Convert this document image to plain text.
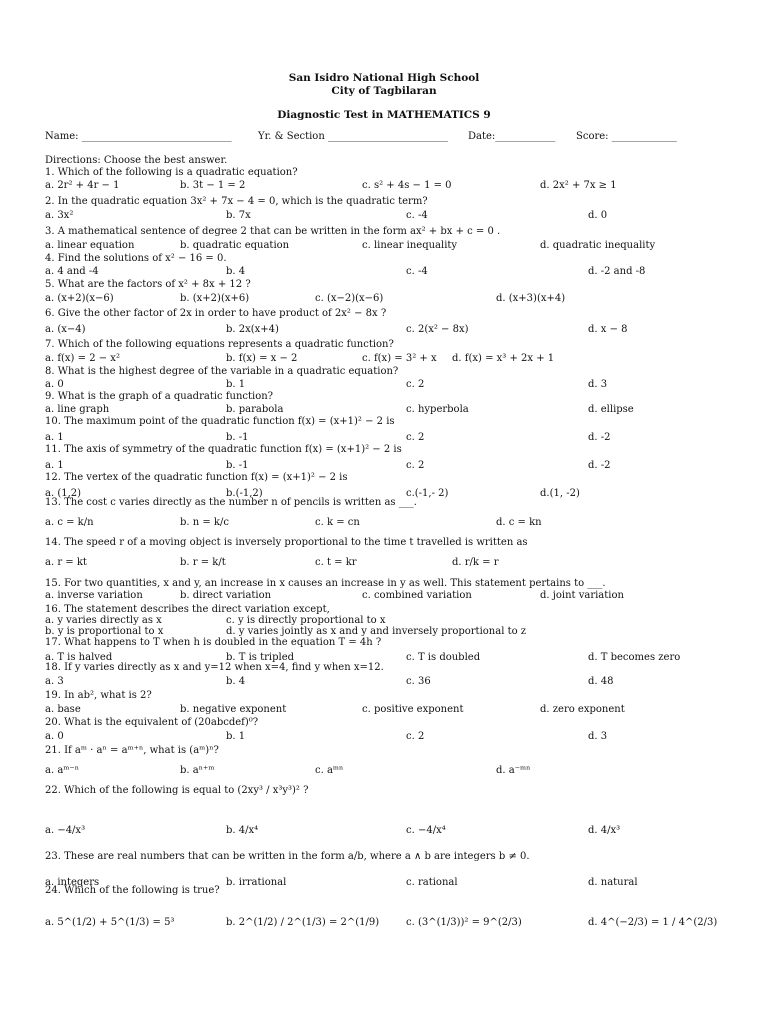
San Isidro National High School
City of Tagbilaran
Diagnostic Test in MATHEMATICS 9
Name: ______________________________	Yr. & Section ________________________ Date:____________ Score: _____________
Directions: Choose the best answer.
1. Which of the following is a quadratic equation?
a. 2r² + 4r − 1	b. 3t − 1 = 2	c. s² + 4s − 1 = 0	d. 2x² + 7x ≥ 1
2. In the quadratic equation 3x² + 7x − 4 = 0, which is the quadratic term?
a. 3x²	b. 7x	c. -4	d. 0
3. A mathematical sentence of degree 2 that can be written in the form ax² + bx + c = 0 .
a. linear equation	b. quadratic equation	c. linear inequality	d. quadratic inequality
4. Find the solutions of x² − 16 = 0.
a. 4 and -4	b. 4	c. -4	d. -2 and -8
5. What are the factors of x² + 8x + 12 ?
a. (x+2)(x−6)	b. (x+2)(x+6)	c. (x−2)(x−6)	d. (x+3)(x+4)
6. Give the other factor of 2x in order to have product of 2x² − 8x ?
a. (x−4)	b. 2x(x+4)	c. 2(x² − 8x)	d. x − 8
7. Which of the following equations represents a quadratic function?
a. f(x) = 2 − x²	b. f(x) = x − 2	c. f(x) = 3² + x d. f(x) = x³ + 2x + 1
8. What is the highest degree of the variable in a quadratic equation?
a. 0	b. 1	c. 2	d. 3
9. What is the graph of a quadratic function?
a. line graph	b. parabola	c. hyperbola	d. ellipse
10. The maximum point of the quadratic function f(x) = (x+1)² − 2 is
a. 1	b. -1	c. 2	d. -2
11. The axis of symmetry of the quadratic function f(x) = (x+1)² − 2 is
a. 1	b. -1	c. 2	d. -2
12. The vertex of the quadratic function f(x) = (x+1)² − 2 is
a. (1,2)	b.(-1,2)	c.(-1,- 2)	d.(1, -2)
13. The cost c varies directly as the number n of pencils is written as ___.
a. c = k/n	b. n = k/c	c. k = cn	d. c = kn
14. The speed r of a moving object is inversely proportional to the time t travelled is written as
a. r = kt	b. r = k/t	c. t = kr	d. r/k = r
15. For two quantities, x and y, an increase in x causes an increase in y as well. This statement pertains to ___.
a. inverse variation	b. direct variation	c. combined variation	d. joint variation
16. The statement describes the direct variation except,
a. y varies directly as x	c. y is directly proportional to x
b. y is proportional to x	d. y varies jointly as x and y and inversely proportional to z
17. What happens to T when h is doubled in the equation T = 4h ?
a. T is halved	b. T is tripled	c. T is doubled	d. T becomes zero
18. If y varies directly as x and y=12 when x=4, find y when x=12.
a. 3	b. 4	c. 36	d. 48
19. In ab², what is 2?
a. base	b. negative exponent	c. positive exponent	d. zero exponent
20. What is the equivalent of (20abcdef)⁰?
a. 0	b. 1	c. 2	d. 3
21. If aᵐ · aⁿ = aᵐ⁺ⁿ, what is (aᵐ)ⁿ?
a. aᵐ⁻ⁿ	b. aⁿ⁺ᵐ	c. aᵐⁿ	d. a⁻ᵐⁿ
22. Which of the following is equal to (2xy³ / x³y³)² ?
a. −4/x³	b. 4/x⁴	c. −4/x⁴	d. 4/x³
23. These are real numbers that can be written in the form a/b, where a ∧ b are integers b ≠ 0.
a. integers	b. irrational	c. rational	d. natural
24. Which of the following is true?
a. 5^(1/2) + 5^(1/3) = 5³	b. 2^(1/2) / 2^(1/3) = 2^(1/9)	c. (3^(1/3))² = 9^(2/3)	d. 4^(−2/3) = 1 / 4^(2/3)
